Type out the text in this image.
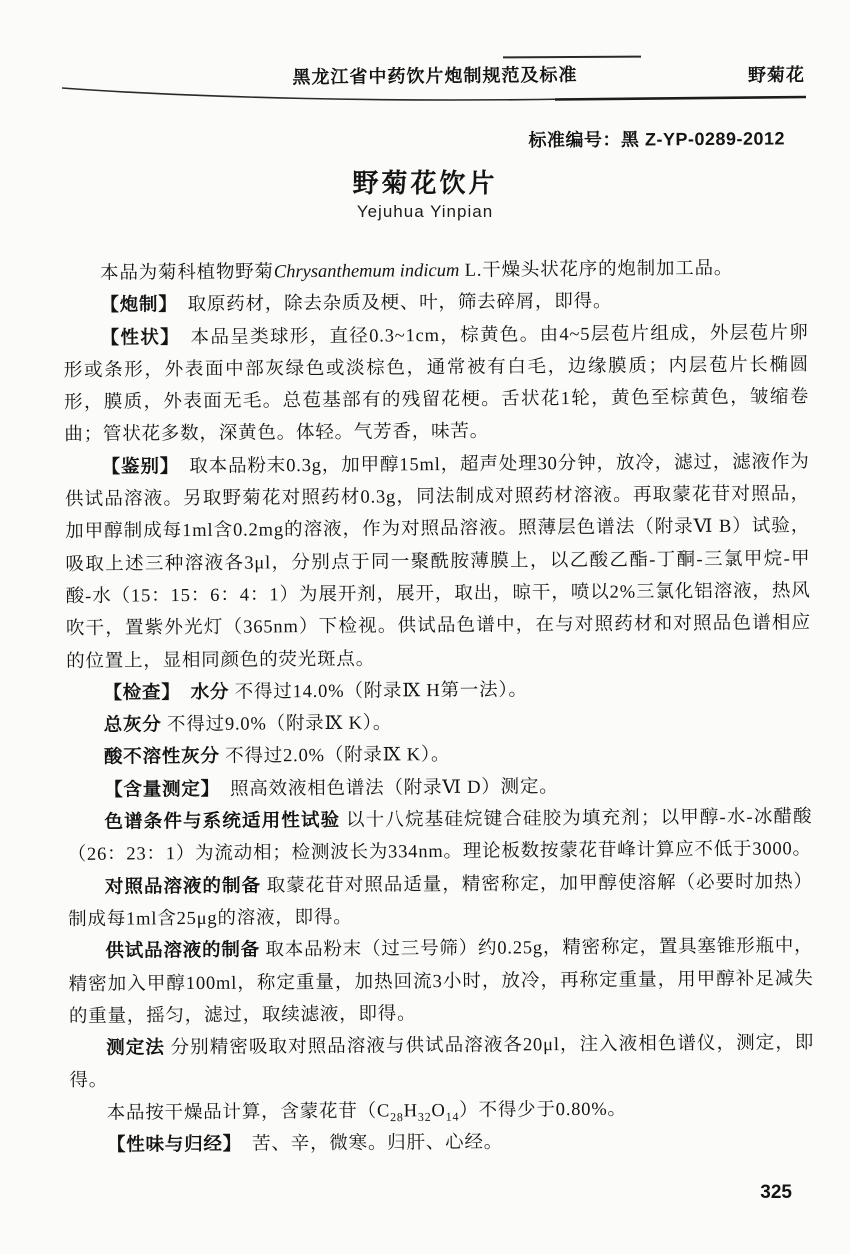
黑龙江省中药饮片炮制规范及标准	野菊花
标准编号：黑 Z-YP-0289-2012
野菊花饮片
Yejuhua Yinpian

本品为菊科植物野菊Chrysanthemum indicum L.干燥头状花序的炮制加工品。

【炮制】　取原药材，除去杂质及梗、叶，筛去碎屑，即得。

【性状】　本品呈类球形，直径0.3~1cm，棕黄色。由4~5层苞片组成，外层苞片卵形或条形，外表面中部灰绿色或淡棕色，通常被有白毛，边缘膜质；内层苞片长椭圆形，膜质，外表面无毛。总苞基部有的残留花梗。舌状花1轮，黄色至棕黄色，皱缩卷曲；管状花多数，深黄色。体轻。气芳香，味苦。

【鉴别】　取本品粉末0.3g，加甲醇15ml，超声处理30分钟，放冷，滤过，滤液作为供试品溶液。另取野菊花对照药材0.3g，同法制成对照药材溶液。再取蒙花苷对照品，加甲醇制成每1ml含0.2mg的溶液，作为对照品溶液。照薄层色谱法（附录Ⅵ B）试验，吸取上述三种溶液各3μl，分别点于同一聚酰胺薄膜上，以乙酸乙酯-丁酮-三氯甲烷-甲酸-水（15：15：6：4：1）为展开剂，展开，取出，晾干，喷以2%三氯化铝溶液，热风吹干，置紫外光灯（365nm）下检视。供试品色谱中，在与对照药材和对照品色谱相应的位置上，显相同颜色的荧光斑点。

【检查】　 水分 不得过14.0%（附录Ⅸ H第一法）。

总灰分 不得过9.0%（附录Ⅸ K）。

酸不溶性灰分 不得过2.0%（附录Ⅸ K）。

【含量测定】　照高效液相色谱法（附录Ⅵ D）测定。

色谱条件与系统适用性试验 以十八烷基硅烷键合硅胶为填充剂；以甲醇-水-冰醋酸（26：23：1）为流动相；检测波长为334nm。理论板数按蒙花苷峰计算应不低于3000。

对照品溶液的制备 取蒙花苷对照品适量，精密称定，加甲醇使溶解（必要时加热）制成每1ml含25μg的溶液，即得。

供试品溶液的制备 取本品粉末（过三号筛）约0.25g，精密称定，置具塞锥形瓶中，精密加入甲醇100ml，称定重量，加热回流3小时，放冷，再称定重量，用甲醇补足减失的重量，摇匀，滤过，取续滤液，即得。

测定法 分别精密吸取对照品溶液与供试品溶液各20μl，注入液相色谱仪，测定，即得。

本品按干燥品计算，含蒙花苷$(C_{28}H_{32}O_{14})$不得少于0.80%。

【性味与归经】　苦、辛，微寒。归肝、心经。

325
